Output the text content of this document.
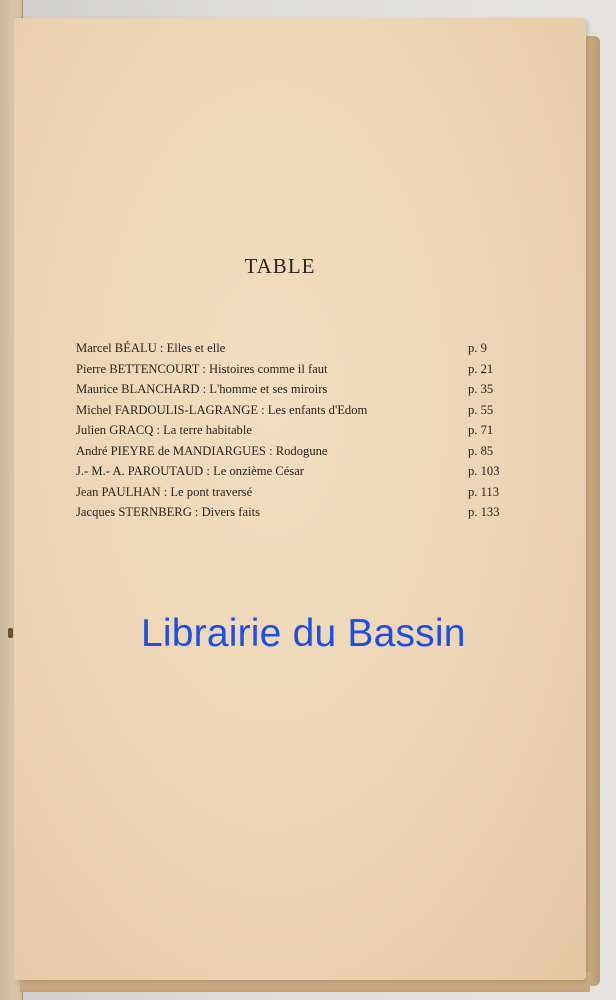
TABLE
Marcel BÉALU : Elles et elle	p. 9
Pierre BETTENCOURT : Histoires comme il faut	p. 21
Maurice BLANCHARD : L'homme et ses miroirs	p. 35
Michel FARDOULIS-LAGRANGE : Les enfants d'Edom	p. 55
Julien GRACQ : La terre habitable	p. 71
André PIEYRE de MANDIARGUES : Rodogune	p. 85
J.- M.- A. PAROUTAUD : Le onzième César	p. 103
Jean PAULHAN : Le pont traversé	p. 113
Jacques STERNBERG : Divers faits	p. 133
Librairie du Bassin
